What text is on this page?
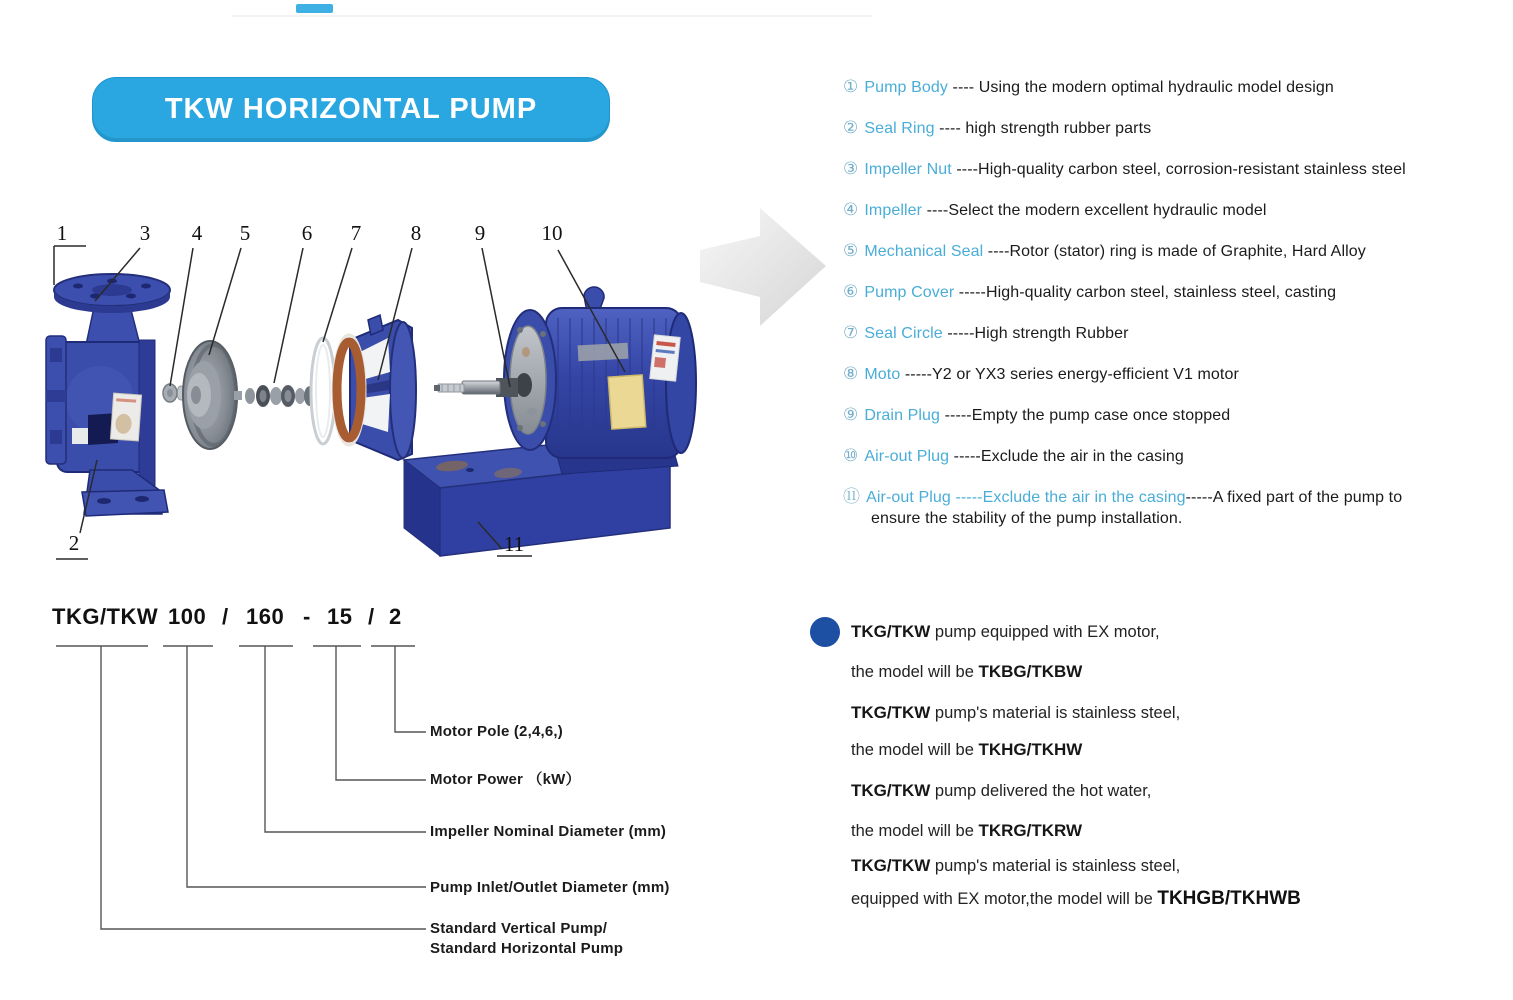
TKW HORIZONTAL PUMP
1	3 4 5 6 7 8	9	10
2	11
① Pump Body ---- Using the modern optimal hydraulic model design
② Seal Ring ---- high strength rubber parts
③ Impeller Nut ----High-quality carbon steel, corrosion-resistant stainless steel
④ Impeller ----Select the modern excellent hydraulic model
⑤ Mechanical Seal ----Rotor (stator) ring is made of Graphite, Hard Alloy
⑥ Pump Cover -----High-quality carbon steel, stainless steel, casting
⑦ Seal Circle -----High strength Rubber
⑧ Moto -----Y2 or YX3 series energy-efficient V1 motor
⑨ Drain Plug -----Empty the pump case once stopped
⑩ Air-out Plug -----Exclude the air in the casing
⑪ Air-out Plug -----Exclude the air in the casing-----A fixed part of the pump to
ensure the stability of the pump installation.
TKG/TKW 100 / 160 - 15 / 2
Motor Pole (2,4,6,)
Motor Power （kW）
Impeller Nominal Diameter (mm)
Pump Inlet/Outlet Diameter (mm)
Standard Vertical Pump/
Standard Horizontal Pump
TKG/TKW pump equipped with EX motor,
the model will be TKBG/TKBW
TKG/TKW pump's material is stainless steel,
the model will be TKHG/TKHW
TKG/TKW pump delivered the hot water,
the model will be TKRG/TKRW
TKG/TKW pump's material is stainless steel,
equipped with EX motor,the model will be TKHGB/TKHWB
